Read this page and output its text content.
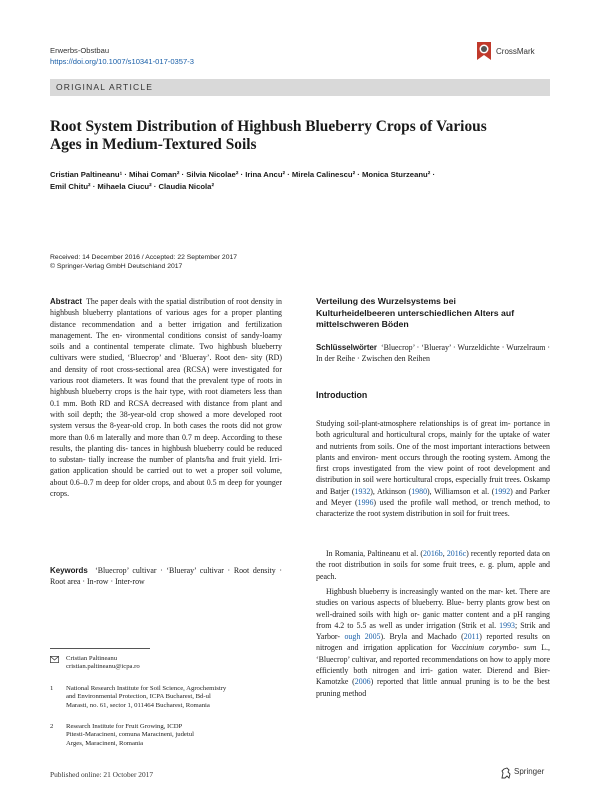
Erwerbs-Obstbau
https://doi.org/10.1007/s10341-017-0357-3
CrossMark
ORIGINAL ARTICLE
Root System Distribution of Highbush Blueberry Crops of Various
Ages in Medium-Textured Soils
Cristian Paltineanu¹ · Mihai Coman² · Silvia Nicolae² · Irina Ancu² · Mirela Calinescu² · Monica Sturzeanu² ·
Emil Chitu² · Mihaela Ciucu² · Claudia Nicola²
Received: 14 December 2016 / Accepted: 22 September 2017
© Springer-Verlag GmbH Deutschland 2017
Abstract The paper deals with the spatial distribution of root density in highbush blueberry plantations of various ages for a proper planting distance recommendation and a better irrigation and fertilization management. The en- vironmental conditions consist of sandy-loamy soils and a continental temperate climate. Two highbush blueberry cultivars were studied, ‘Bluecrop’ and ‘Blueray’. Root den- sity (RD) and density of root cross-sectional area (RCSA) were investigated for various root diameters. It was found that the prevalent type of roots in highbush blueberry crops is the hair type, with root diameters less than 0.1 mm. Both RD and RCSA decreased with distance from plant and with soil depth; the 38-year-old crop showed a more developed root system versus the 8-year-old crop. In both cases the roots did not grow more than 0.6 m laterally and more than 0.7 m deep. According to these results, the planting dis- tances in highbush blueberry could be reduced to substan- tially increase the number of plants/ha and fruit yield. Irri- gation application should be carried out to wet a proper soil volume, about 0.6–0.7 m deep for older crops, and about 0.5 m deep for younger crops.
Keywords ‘Bluecrop’ cultivar · ‘Blueray’ cultivar · Root density · Root area · In-row · Inter-row
Cristian Paltineanu
cristian.paltineanu@icpa.ro
1 National Research Institute for Soil Science, Agrochemistry
and Environmental Protection, ICPA Bucharest, Bd-ul
Marasti, no. 61, sector 1, 011464 Bucharest, Romania
2 Research Institute for Fruit Growing, ICDP
Pitesti-Maracineni, comuna Maracineni, judetul
Arges, Maracineni, Romania
Verteilung des Wurzelsystems bei
Kulturheidelbeeren unterschiedlichen Alters auf
mittelschweren Böden
Schlüsselwörter ‘Bluecrop’ · ‘Blueray’ · Wurzeldichte · Wurzelraum · In der Reihe · Zwischen den Reihen
Introduction
Studying soil-plant-atmosphere relationships is of great im- portance in both agricultural and horticultural crops, mainly for the uptake of water and nutrients from soils. One of the most important interactions between plants and environ- ment occurs through the rooting system. Among the first crops investigated from the view point of root development and distribution in soil were horticultural crops, especially fruit trees. Oskamp and Batjer (1932), Atkinson (1980), Williamson et al. (1992) and Parker and Meyer (1996) used the profile wall method, or trench method, to characterize the root system distribution in soil for fruit trees.
In Romania, Paltineanu et al. (2016b, 2016c) recently reported data on the root distribution in soils for some fruit trees, e. g. plum, apple and peach.
Highbush blueberry is increasingly wanted on the mar- ket. There are studies on various aspects of blueberry. Blue- berry plants grow best on well-drained soils with high or- ganic matter content and a pH ranging from 4.2 to 5.5 as well as under irrigation (Strik et al. 1993; Strik and Yarbor- ough 2005). Bryla and Machado (2011) reported results on nitrogen and irrigation application for Vaccinium corymbo- sum L., ‘Bluecrop’ cultivar, and reported recommendations on how to apply more efficiently both nitrogen and irri- gation water. Dierend and Bier-Kamotzke (2006) reported that little annual pruning is to be the best pruning method
Published online: 21 October 2017	Springer
